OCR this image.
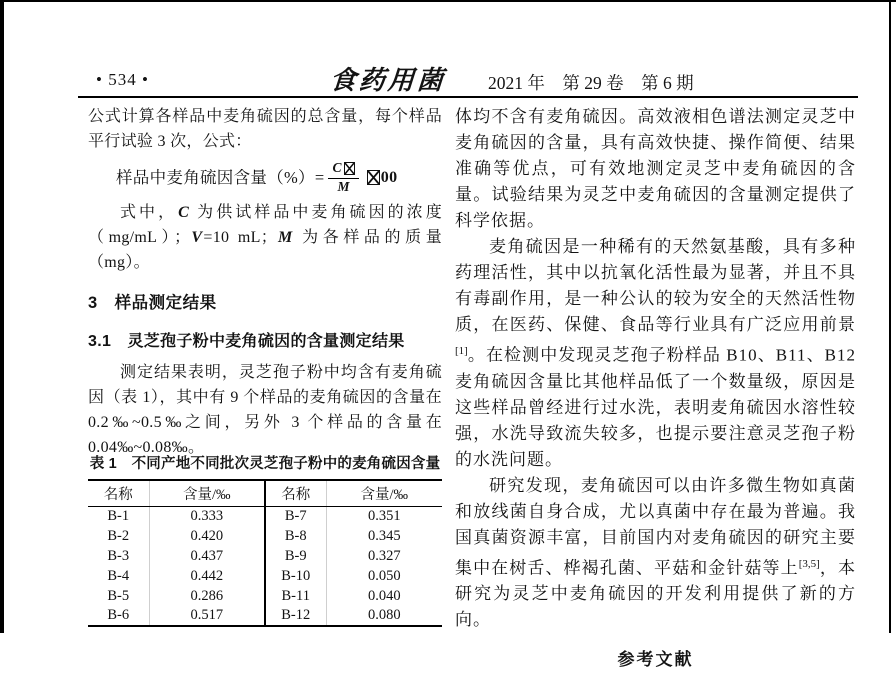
• 534 •	食药用菌 2021 年　第 29 卷　第 6 期

公式计算各样品中麦角硫因的总含量，每个样品平行试验 3 次，公式：

样品中麦角硫因含量（%）= $\frac{C}{M} 00$

式中，C 为供试样品中麦角硫因的浓度（mg/mL）；V=10 mL；M 为各样品的质量（mg）。

3　样品测定结果
3.1　灵芝孢子粉中麦角硫因的含量测定结果

测定结果表明，灵芝孢子粉中均含有麦角硫因（表 1），其中有 9 个样品的麦角硫因的含量在 0.2‰~0.5‰之间，另外 3 个样品的含量在 0.04‰~0.08‰。

表 1　不同产地不同批次灵芝孢子粉中的麦角硫因含量
名称	含量/‰	名称	含量/‰
B-1	0.333	B-7	0.351
B-2	0.420	B-8	0.345
B-3	0.437	B-9	0.327
B-4	0.442	B-10	0.050
B-5	0.286	B-11	0.040
B-6	0.517	B-12	0.080

体均不含有麦角硫因。高效液相色谱法测定灵芝中麦角硫因的含量，具有高效快捷、操作简便、结果准确等优点，可有效地测定灵芝中麦角硫因的含量。试验结果为灵芝中麦角硫因的含量测定提供了科学依据。

麦角硫因是一种稀有的天然氨基酸，具有多种药理活性，其中以抗氧化活性最为显著，并且不具有毒副作用，是一种公认的较为安全的天然活性物质，在医药、保健、食品等行业具有广泛应用前景[1]。在检测中发现灵芝孢子粉样品 B10、B11、B12 麦角硫因含量比其他样品低了一个数量级，原因是这些样品曾经进行过水洗，表明麦角硫因水溶性较强，水洗导致流失较多，也提示要注意灵芝孢子粉的水洗问题。

研究发现，麦角硫因可以由许多微生物如真菌和放线菌自身合成，尤以真菌中存在最为普遍。我国真菌资源丰富，目前国内对麦角硫因的研究主要集中在树舌、桦褐孔菌、平菇和金针菇等上[3,5]，本研究为灵芝中麦角硫因的开发利用提供了新的方向。

参考文献
